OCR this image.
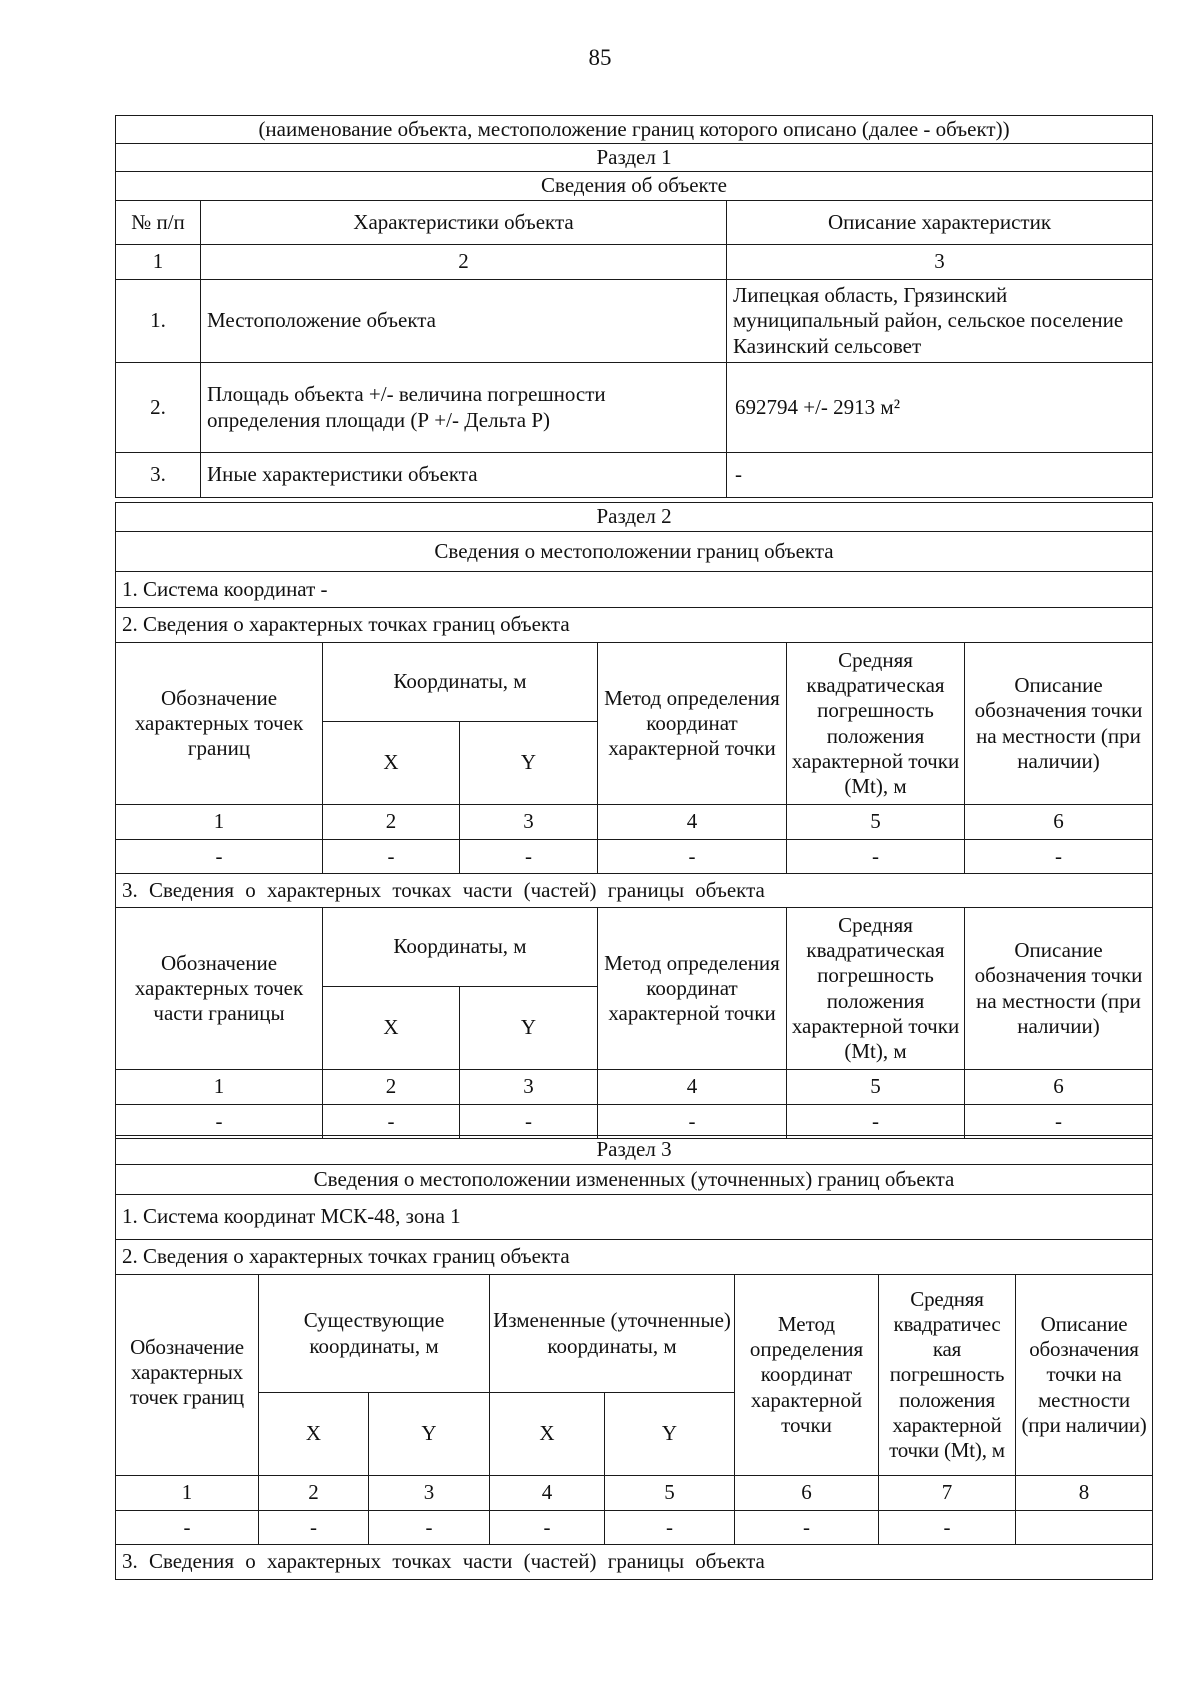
85
(наименование объекта, местоположение границ которого описано (далее - объект))		
Раздел 1		
Сведения об объекте		
№ п/п	Характеристики объекта	Описание характеристик
1	2	3
1.	Местоположение объекта	Липецкая область, Грязинский муниципальный район, сельское поселение Казинский сельсовет
2.	Площадь объекта +/- величина погрешности определения площади (Р +/- Дельта Р)	692794 +/- 2913 м²
3.	Иные характеристики объекта	-
Раздел 2					
Сведения о местоположении границ объекта					
1. Система координат -					
2. Сведения о характерных точках границ объекта					
Обозначение характерных точек границ	Координаты, м		Метод определения координат характерной точки	Средняя квадратическая погрешность положения характерной точки (Mt), м	Описание обозначения точки на местности (при наличии)
	X	Y			
1	2	3	4	5	6
-	-	-	-	-	-
3. Сведения о характерных точках части (частей) границы объекта					
Обозначение характерных точек части границы	Координаты, м		Метод определения координат характерной точки	Средняя квадратическая погрешность положения характерной точки (Mt), м	Описание обозначения точки на местности (при наличии)
	X	Y			
1	2	3	4	5	6
-	-	-	-	-	-
Раздел 3							
Сведения о местоположении измененных (уточненных) границ объекта							
1. Система координат МСК-48, зона 1							
2. Сведения о характерных точках границ объекта							
Обозначение характерных точек границ	Существующие координаты, м		Измененные (уточненные) координаты, м		Метод определения координат характерной точки	Средняя квадратичес кая погрешность положения характерной точки (Mt), м	Описание обозначения точки на местности (при наличии)
	X	Y	X	Y			
1	2	3	4	5	6	7	8
-	-	-	-	-	-	-	
3. Сведения о характерных точках части (частей) границы объекта							
